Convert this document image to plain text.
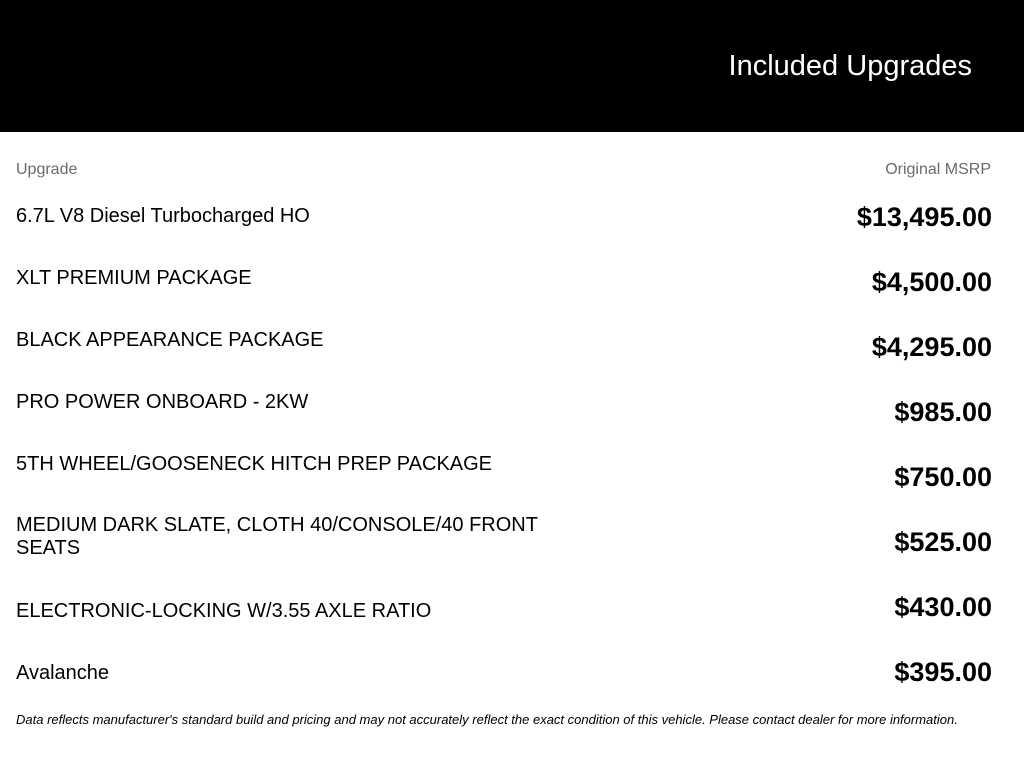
Included Upgrades
Upgrade	Original MSRP
6.7L V8 Diesel Turbocharged HO	$13,495.00
XLT PREMIUM PACKAGE	$4,500.00
BLACK APPEARANCE PACKAGE	$4,295.00
PRO POWER ONBOARD - 2KW	$985.00
5TH WHEEL/GOOSENECK HITCH PREP PACKAGE	$750.00
MEDIUM DARK SLATE, CLOTH 40/CONSOLE/40 FRONT SEATS	$525.00
ELECTRONIC-LOCKING W/3.55 AXLE RATIO	$430.00
Avalanche	$395.00
Data reflects manufacturer's standard build and pricing and may not accurately reflect the exact condition of this vehicle. Please contact dealer for more information.
